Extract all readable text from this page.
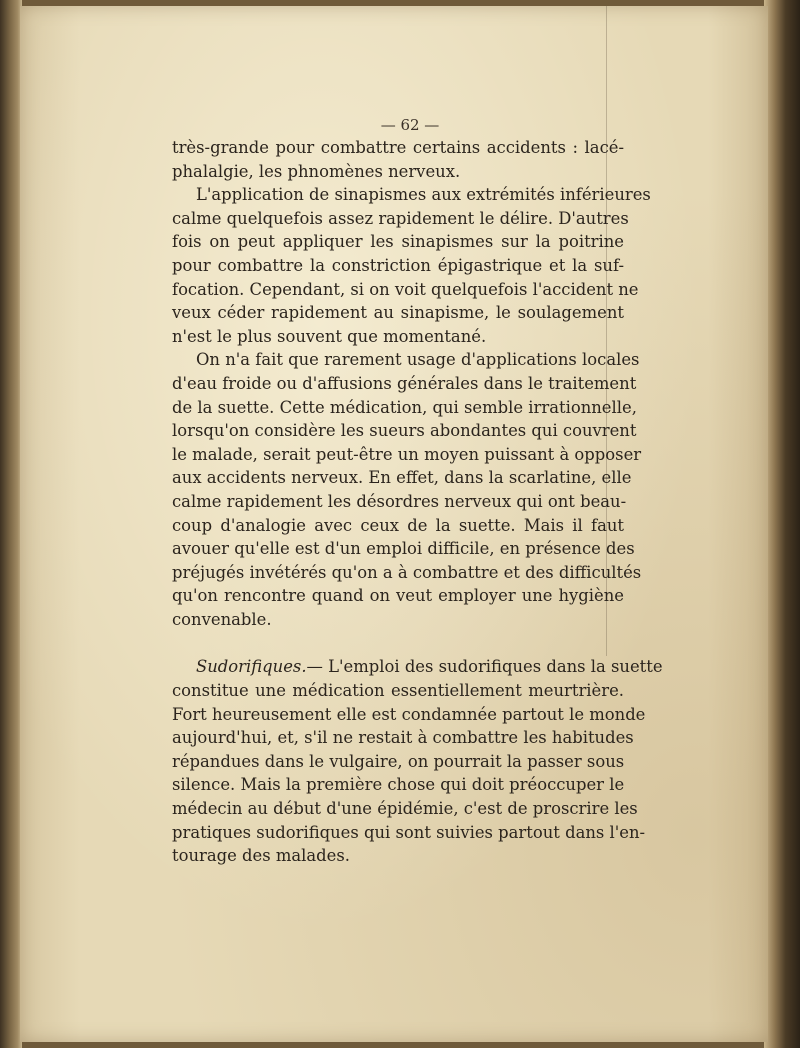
— 62 —
très-grande pour combattre certains accidents : lacé-
phalalgie, les phnomènes nerveux.
L'application de sinapismes aux extrémités inférieures
calme quelquefois assez rapidement le délire. D'autres
fois on peut appliquer les sinapismes sur la poitrine
pour combattre la constriction épigastrique et la suf-
focation. Cependant, si on voit quelquefois l'accident ne
veux céder rapidement au sinapisme, le soulagement
n'est le plus souvent que momentané.
On n'a fait que rarement usage d'applications locales
d'eau froide ou d'affusions générales dans le traitement
de la suette. Cette médication, qui semble irrationnelle,
lorsqu'on considère les sueurs abondantes qui couvrent
le malade, serait peut-être un moyen puissant à opposer
aux accidents nerveux. En effet, dans la scarlatine, elle
calme rapidement les désordres nerveux qui ont beau-
coup d'analogie avec ceux de la suette. Mais il faut
avouer qu'elle est d'un emploi difficile, en présence des
préjugés invétérés qu'on a à combattre et des difficultés
qu'on rencontre quand on veut employer une hygiène
convenable.
Sudorifiques.— L'emploi des sudorifiques dans la suette
constitue une médication essentiellement meurtrière.
Fort heureusement elle est condamnée partout le monde
aujourd'hui, et, s'il ne restait à combattre les habitudes
répandues dans le vulgaire, on pourrait la passer sous
silence. Mais la première chose qui doit préoccuper le
médecin au début d'une épidémie, c'est de proscrire les
pratiques sudorifiques qui sont suivies partout dans l'en-
tourage des malades.
